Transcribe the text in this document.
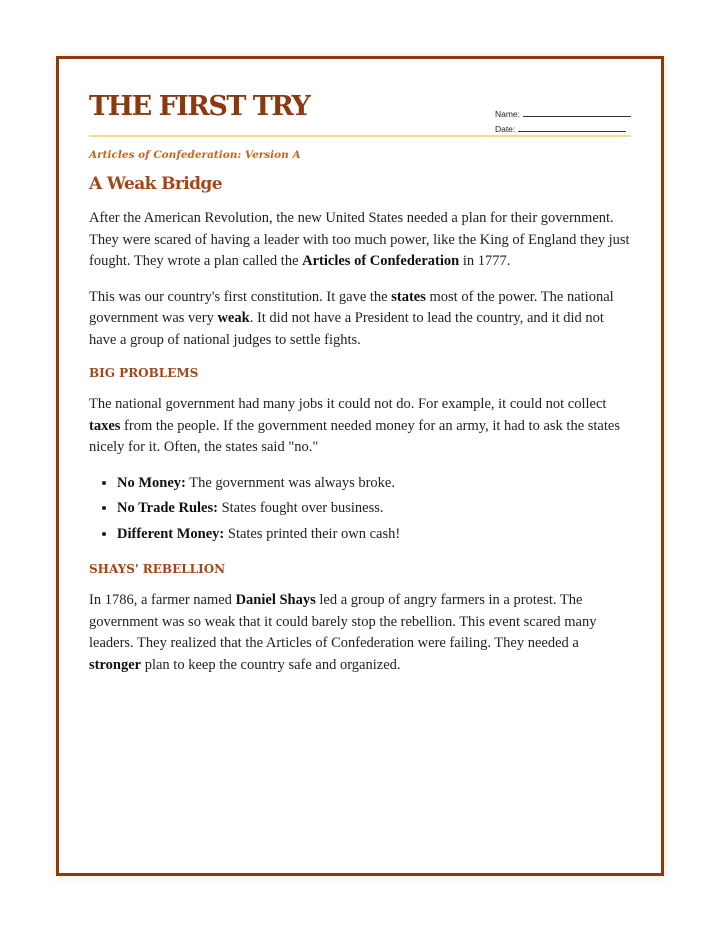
THE FIRST TRY	Name:
Date:
Articles of Confederation: Version A
A Weak Bridge

After the American Revolution, the new United States needed a plan for their government. They were scared of having a leader with too much power, like the King of England they just fought. They wrote a plan called the Articles of Confederation in 1777.

This was our country's first constitution. It gave the states most of the power. The national government was very weak. It did not have a President to lead the country, and it did not have a group of national judges to settle fights.

BIG PROBLEMS

The national government had many jobs it could not do. For example, it could not collect taxes from the people. If the government needed money for an army, it had to ask the states nicely for it. Often, the states said "no."

• No Money: The government was always broke.
• No Trade Rules: States fought over business.
• Different Money: States printed their own cash!
SHAYS' REBELLION

In 1786, a farmer named Daniel Shays led a group of angry farmers in a protest. The government was so weak that it could barely stop the rebellion. This event scared many leaders. They realized that the Articles of Confederation were failing. They needed a stronger plan to keep the country safe and organized.
